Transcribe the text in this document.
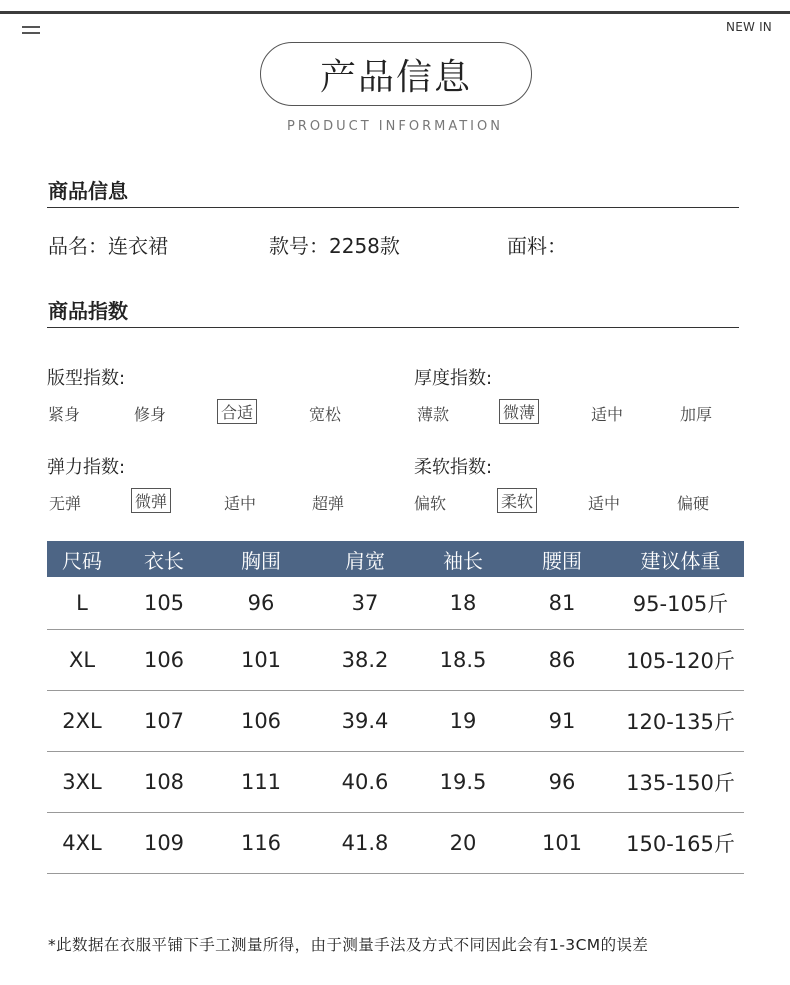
NEW IN
产品信息
PRODUCT INFORMATION
商品信息
品名：连衣裙	款号：2258款	面料：
商品指数
版型指数:
紧身	修身	合适	宽松
厚度指数:
薄款	微薄	适中	加厚
弹力指数:
无弹	微弹	适中	超弹
柔软指数:
偏软	柔软	适中	偏硬
尺码	衣长	胸围	肩宽	袖长	腰围	建议体重
L	105	96	37	18	81	95-105斤
XL	106	101	38.2	18.5	86	105-120斤
2XL	107	106	39.4	19	91	120-135斤
3XL	108	111	40.6	19.5	96	135-150斤
4XL	109	116	41.8	20	101	150-165斤
*此数据在衣服平铺下手工测量所得，由于测量手法及方式不同因此会有1-3CM的误差
